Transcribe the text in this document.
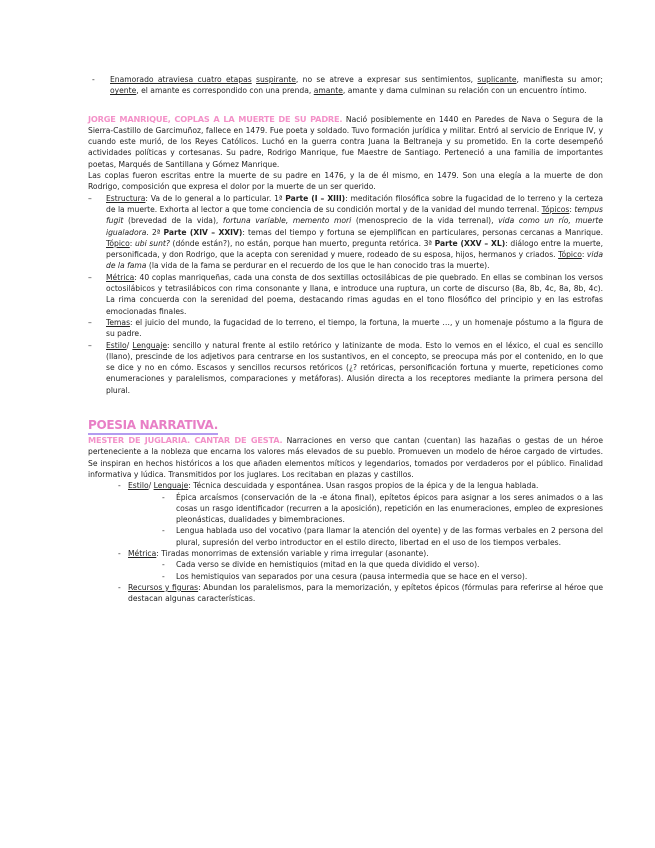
- Enamorado atraviesa cuatro etapas suspirante, no se atreve a expresar sus sentimientos, suplicante, manifiesta su amor; oyente, el amante es correspondido con una prenda, amante, amante y dama culminan su relación con un encuentro íntimo.

JORGE MANRIQUE, COPLAS A LA MUERTE DE SU PADRE. Nació posiblemente en 1440 en Paredes de Nava o Segura de la Sierra-Castillo de Garcimuñoz, fallece en 1479. Fue poeta y soldado. Tuvo formación jurídica y militar. Entró al servicio de Enrique IV, y cuando este murió, de los Reyes Católicos. Luchó en la guerra contra Juana la Beltraneja y su prometido. En la corte desempeñó actividades políticas y cortesanas. Su padre, Rodrigo Manrique, fue Maestre de Santiago. Perteneció a una familia de importantes poetas, Marqués de Santillana y Gómez Manrique.

Las coplas fueron escritas entre la muerte de su padre en 1476, y la de él mismo, en 1479. Son una elegía a la muerte de don Rodrigo, composición que expresa el dolor por la muerte de un ser querido.

– Estructura: Va de lo general a lo particular. 1ª Parte (I – XIII): meditación filosófica sobre la fugacidad de lo terreno y la certeza de la muerte. Exhorta al lector a que tome conciencia de su condición mortal y de la vanidad del mundo terrenal. Tópicos: tempus fugit (brevedad de la vida), fortuna variable, memento mori (menosprecio de la vida terrenal), vida como un río, muerte igualadora. 2ª Parte (XIV – XXIV): temas del tiempo y fortuna se ejemplifican en particulares, personas cercanas a Manrique. Tópico: ubi sunt? (dónde están?), no están, porque han muerto, pregunta retórica. 3ª Parte (XXV – XL): diálogo entre la muerte, personificada, y don Rodrigo, que la acepta con serenidad y muere, rodeado de su esposa, hijos, hermanos y criados. Tópico: vida de la fama (la vida de la fama se perdurar en el recuerdo de los que le han conocido tras la muerte).
– Métrica: 40 coplas manriqueñas, cada una consta de dos sextillas octosilábicas de pie quebrado. En ellas se combinan los versos octosilábicos y tetrasilábicos con rima consonante y llana, e introduce una ruptura, un corte de discurso (8a, 8b, 4c, 8a, 8b, 4c). La rima concuerda con la serenidad del poema, destacando rimas agudas en el tono filosófico del principio y en las estrofas emocionadas finales.
– Temas: el juicio del mundo, la fugacidad de lo terreno, el tiempo, la fortuna, la muerte …, y un homenaje póstumo a la figura de su padre.
– Estilo/ Lenguaje: sencillo y natural frente al estilo retórico y latinizante de moda. Esto lo vemos en el léxico, el cual es sencillo (llano), prescinde de los adjetivos para centrarse en los sustantivos, en el concepto, se preocupa más por el contenido, en lo que se dice y no en cómo. Escasos y sencillos recursos retóricos (¿? retóricas, personificación fortuna y muerte, repeticiones como enumeraciones y paralelismos, comparaciones y metáforas). Alusión directa a los receptores mediante la primera persona del plural.
POESIA NARRATIVA.

MESTER DE JUGLARIA. CANTAR DE GESTA. Narraciones en verso que cantan (cuentan) las hazañas o gestas de un héroe perteneciente a la nobleza que encarna los valores más elevados de su pueblo. Promueven un modelo de héroe cargado de virtudes. Se inspiran en hechos históricos a los que añaden elementos míticos y legendarios, tomados por verdaderos por el público. Finalidad informativa y lúdica. Transmitidos por los juglares. Los recitaban en plazas y castillos.

- Estilo/ Lenguaje: Técnica descuidada y espontánea. Usan rasgos propios de la épica y de la lengua hablada.
- Épica arcaísmos (conservación de la -e átona final), epítetos épicos para asignar a los seres animados o a las cosas un rasgo identificador (recurren a la aposición), repetición en las enumeraciones, empleo de expresiones pleonásticas, dualidades y bimembraciones.
- Lengua hablada uso del vocativo (para llamar la atención del oyente) y de las formas verbales en 2 persona del plural, supresión del verbo introductor en el estilo directo, libertad en el uso de los tiempos verbales.
- Métrica: Tiradas monorrimas de extensión variable y rima irregular (asonante).
- Cada verso se divide en hemistiquios (mitad en la que queda dividido el verso).
- Los hemistiquios van separados por una cesura (pausa intermedia que se hace en el verso).
- Recursos y figuras: Abundan los paralelismos, para la memorización, y epítetos épicos (fórmulas para referirse al héroe que destacan algunas características.
